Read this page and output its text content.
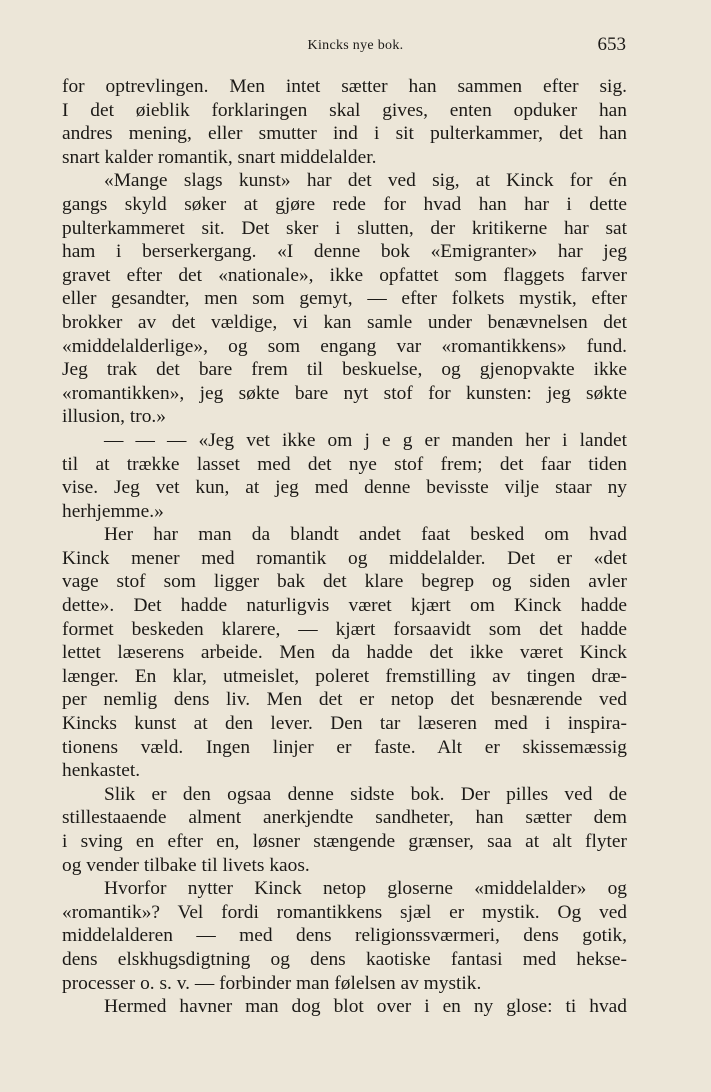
Kincks nye bok.	653
for optrevlingen. Men intet sætter han sammen efter sig.
I det øieblik forklaringen skal gives, enten opduker han
andres mening, eller smutter ind i sit pulterkammer, det han
snart kalder romantik, snart middelalder.
«Mange slags kunst» har det ved sig, at Kinck for én
gangs skyld søker at gjøre rede for hvad han har i dette
pulterkammeret sit. Det sker i slutten, der kritikerne har sat
ham i berserkergang. «I denne bok «Emigranter» har jeg
gravet efter det «nationale», ikke opfattet som flaggets farver
eller gesandter, men som gemyt, — efter folkets mystik, efter
brokker av det vældige, vi kan samle under benævnelsen det
«middelalderlige», og som engang var «romantikkens» fund.
Jeg trak det bare frem til beskuelse, og gjenopvakte ikke
«romantikken», jeg søkte bare nyt stof for kunsten: jeg søkte
illusion, tro.»
— — — «Jeg vet ikke om j e g er manden her i landet
til at trække lasset med det nye stof frem; det faar tiden
vise. Jeg vet kun, at jeg med denne bevisste vilje staar ny
herhjemme.»
Her har man da blandt andet faat besked om hvad
Kinck mener med romantik og middelalder. Det er «det
vage stof som ligger bak det klare begrep og siden avler
dette». Det hadde naturligvis været kjært om Kinck hadde
formet beskeden klarere, — kjært forsaavidt som det hadde
lettet læserens arbeide. Men da hadde det ikke været Kinck
længer. En klar, utmeislet, poleret fremstilling av tingen dræ-
per nemlig dens liv. Men det er netop det besnærende ved
Kincks kunst at den lever. Den tar læseren med i inspira-
tionens væld. Ingen linjer er faste. Alt er skissemæssig
henkastet.
Slik er den ogsaa denne sidste bok. Der pilles ved de
stillestaaende alment anerkjendte sandheter, han sætter dem
i sving en efter en, løsner stængende grænser, saa at alt flyter
og vender tilbake til livets kaos.
Hvorfor nytter Kinck netop gloserne «middelalder» og
«romantik»? Vel fordi romantikkens sjæl er mystik. Og ved
middelalderen — med dens religionssværmeri, dens gotik,
dens elskhugsdigtning og dens kaotiske fantasi med hekse-
processer o. s. v. — forbinder man følelsen av mystik.
Hermed havner man dog blot over i en ny glose: ti hvad
